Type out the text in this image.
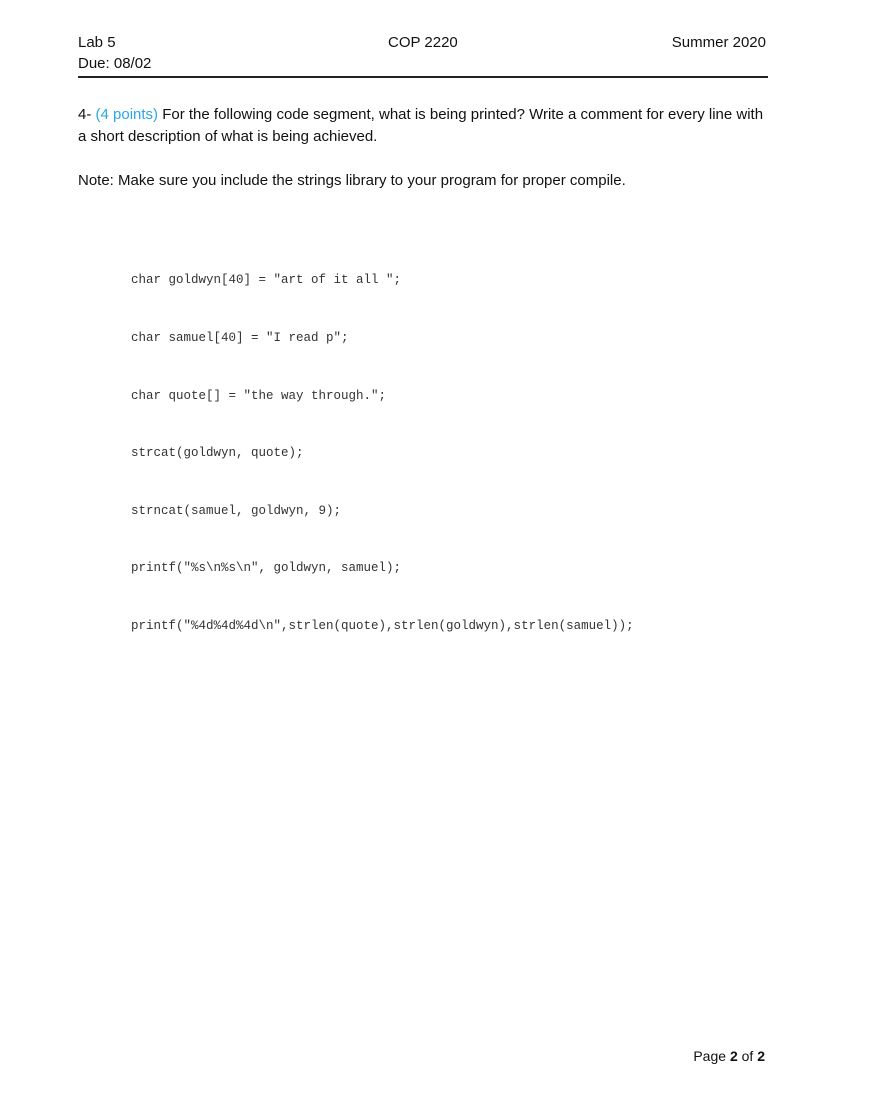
Lab 5
Due: 08/02
COP 2220	Summer 2020
4- (4 points) For the following code segment, what is being printed? Write a comment for every line with a short description of what is being achieved.
Note: Make sure you include the strings library to your program for proper compile.

char goldwyn[40] = "art of it all ";

char samuel[40] = "I read p";

char quote[] = "the way through.";

strcat(goldwyn, quote);

strncat(samuel, goldwyn, 9);

printf("%s\n%s\n", goldwyn, samuel);

printf("%4d%4d%4d\n",strlen(quote),strlen(goldwyn),strlen(samuel));

Page 2 of 2
